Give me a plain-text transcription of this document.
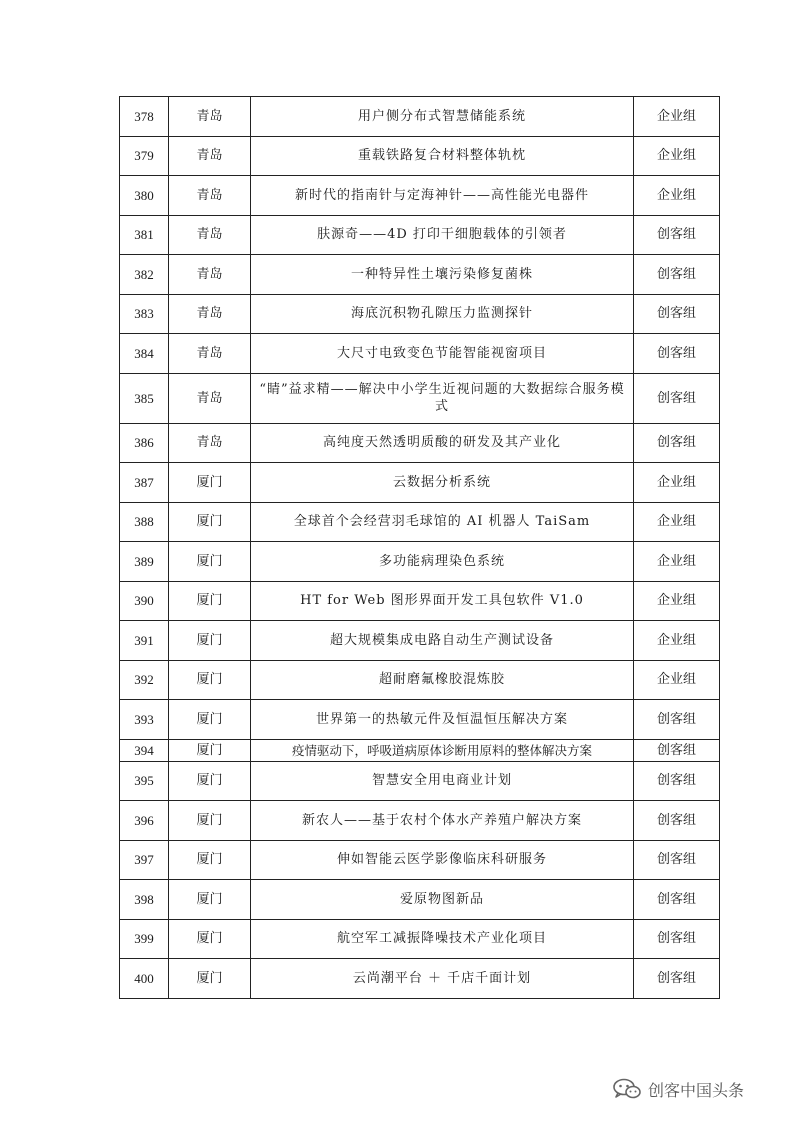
378	青岛	用户侧分布式智慧储能系统	企业组
379	青岛	重载铁路复合材料整体轨枕	企业组
380	青岛	新时代的指南针与定海神针——高性能光电器件	企业组
381	青岛	肤源奇——4D 打印干细胞载体的引领者	创客组
382	青岛	一种特异性土壤污染修复菌株	创客组
383	青岛	海底沉积物孔隙压力监测探针	创客组
384	青岛	大尺寸电致变色节能智能视窗项目	创客组
385	青岛	“睛”益求精——解决中小学生近视问题的大数据综合服务模式	创客组
386	青岛	高纯度天然透明质酸的研发及其产业化	创客组
387	厦门	云数据分析系统	企业组
388	厦门	全球首个会经营羽毛球馆的 AI 机器人 TaiSam	企业组
389	厦门	多功能病理染色系统	企业组
390	厦门	HT for Web 图形界面开发工具包软件 V1.0	企业组
391	厦门	超大规模集成电路自动生产测试设备	企业组
392	厦门	超耐磨氟橡胶混炼胶	企业组
393	厦门	世界第一的热敏元件及恒温恒压解决方案	创客组
394	厦门	疫情驱动下，呼吸道病原体诊断用原料的整体解决方案	创客组
395	厦门	智慧安全用电商业计划	创客组
396	厦门	新农人——基于农村个体水产养殖户解决方案	创客组
397	厦门	伸如智能云医学影像临床科研服务	创客组
398	厦门	爱原物图新品	创客组
399	厦门	航空军工减振降噪技术产业化项目	创客组
400	厦门	云尚潮平台 ＋ 千店千面计划	创客组
创客中国头条
